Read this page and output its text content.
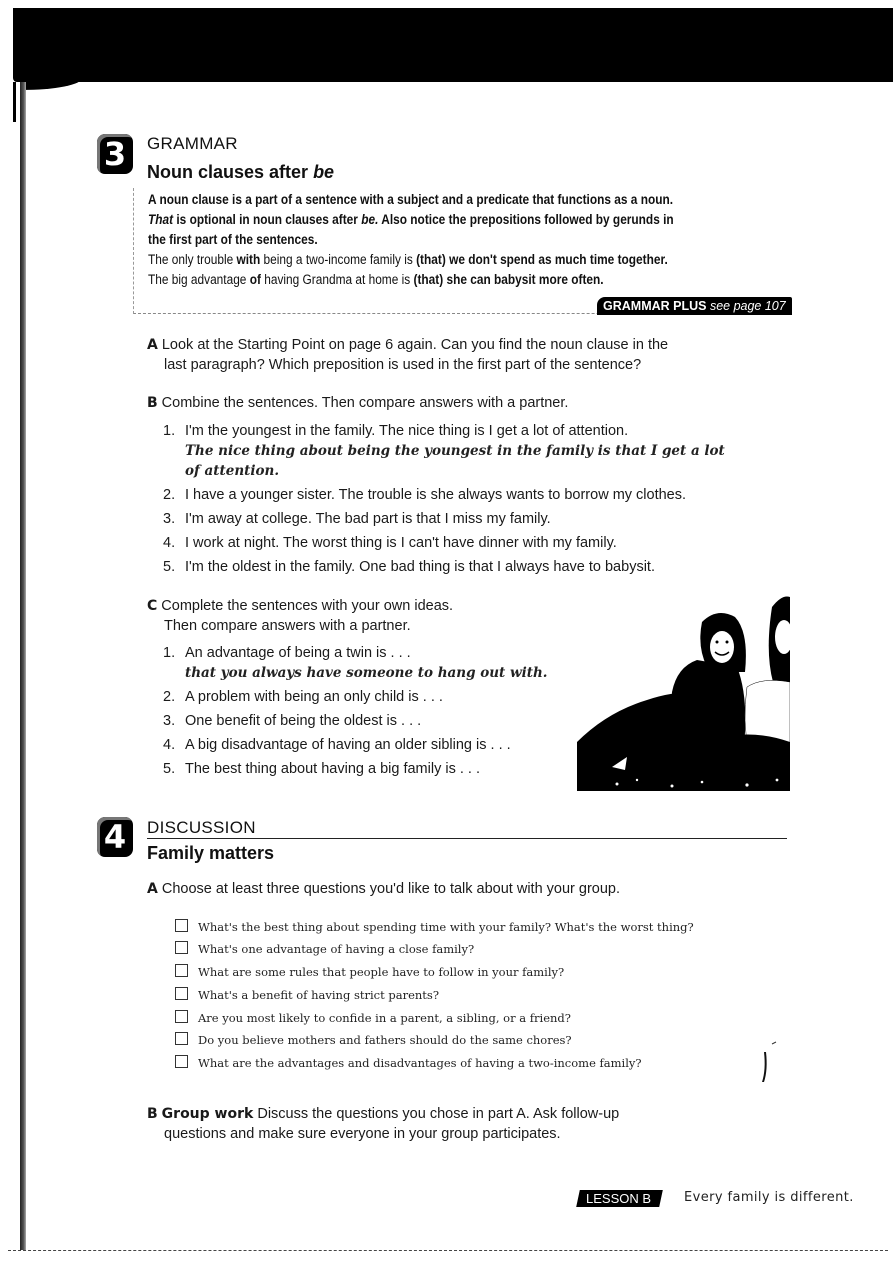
3	GRAMMAR
Noun clauses after be
A noun clause is a part of a sentence with a subject and a predicate that functions as a noun.
That is optional in noun clauses after be. Also notice the prepositions followed by gerunds in
the first part of the sentences.
The only trouble with being a two-income family is (that) we don't spend as much time together.
The big advantage of having Grandma at home is (that) she can babysit more often.
GRAMMAR PLUS see page 107
A Look at the Starting Point on page 6 again. Can you find the noun clause in the
last paragraph? Which preposition is used in the first part of the sentence?
B Combine the sentences. Then compare answers with a partner.
1. I'm the youngest in the family. The nice thing is I get a lot of attention.
The nice thing about being the youngest in the family is that I get a lot
of attention.
2. I have a younger sister. The trouble is she always wants to borrow my clothes.
3. I'm away at college. The bad part is that I miss my family.
4. I work at night. The worst thing is I can't have dinner with my family.
5. I'm the oldest in the family. One bad thing is that I always have to babysit.
C Complete the sentences with your own ideas.
Then compare answers with a partner.
1. An advantage of being a twin is . . .
that you always have someone to hang out with.
2. A problem with being an only child is . . .
3. One benefit of being the oldest is . . .
4. A big disadvantage of having an older sibling is . . .
5. The best thing about having a big family is . . .
4	DISCUSSION
Family matters
A Choose at least three questions you'd like to talk about with your group.
What's the best thing about spending time with your family? What's the worst thing?
What's one advantage of having a close family?
What are some rules that people have to follow in your family?
What's a benefit of having strict parents?
Are you most likely to confide in a parent, a sibling, or a friend?
Do you believe mothers and fathers should do the same chores?
What are the advantages and disadvantages of having a two-income family?
B Group work Discuss the questions you chose in part A. Ask follow-up
questions and make sure everyone in your group participates.
LESSON B	Every family is different.
